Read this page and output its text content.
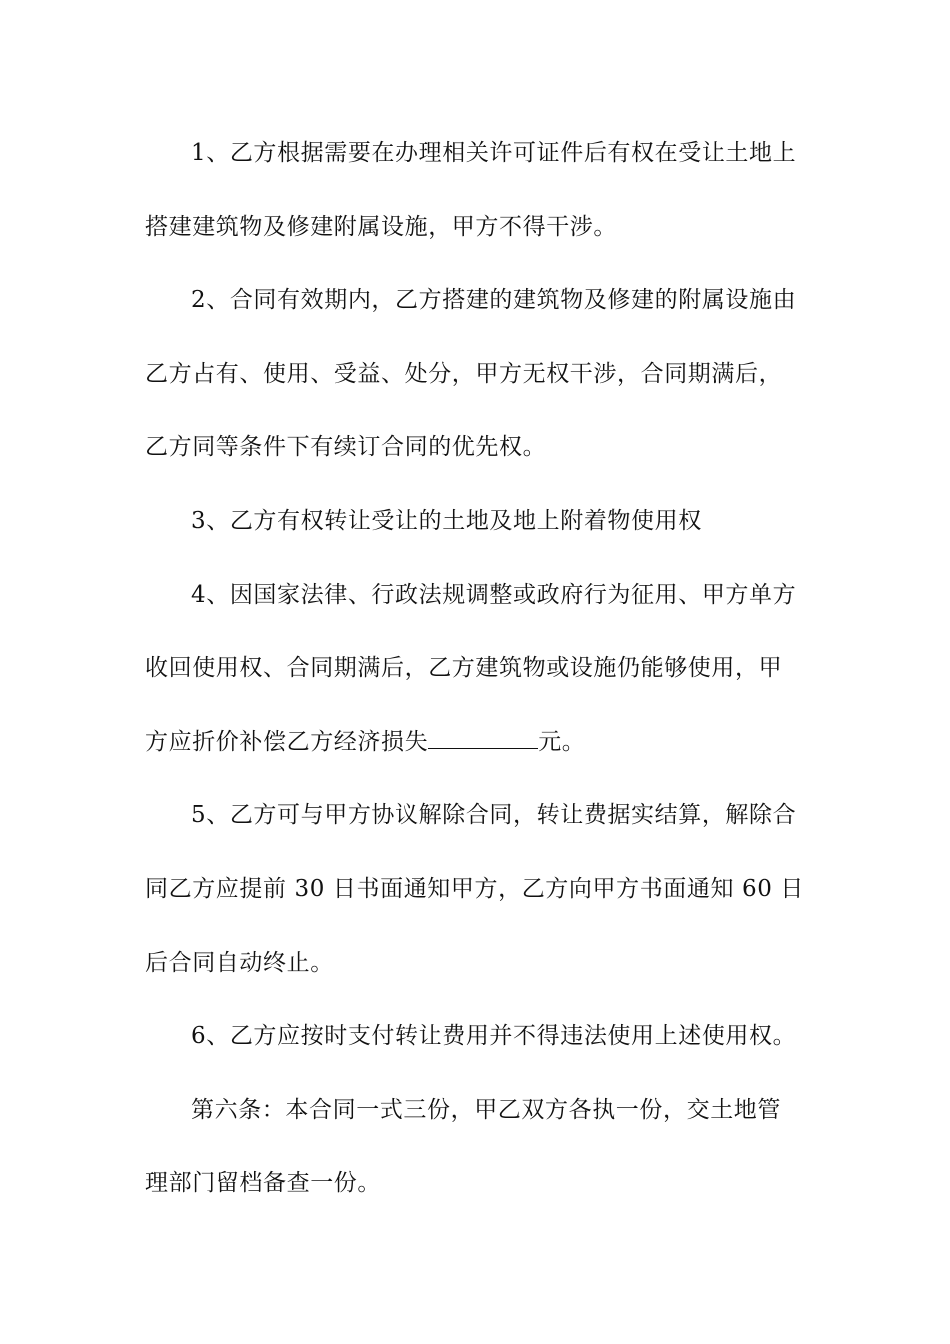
1、乙方根据需要在办理相关许可证件后有权在受让土地上
搭建建筑物及修建附属设施，甲方不得干涉。
2、合同有效期内，乙方搭建的建筑物及修建的附属设施由
乙方占有、使用、受益、处分，甲方无权干涉，合同期满后，
乙方同等条件下有续订合同的优先权。
3、乙方有权转让受让的土地及地上附着物使用权
4、因国家法律、行政法规调整或政府行为征用、甲方单方
收回使用权、合同期满后，乙方建筑物或设施仍能够使用，甲
方应折价补偿乙方经济损失	元。
5、乙方可与甲方协议解除合同，转让费据实结算，解除合
同乙方应提前 30 日书面通知甲方，乙方向甲方书面通知 60 日
后合同自动终止。
6、乙方应按时支付转让费用并不得违法使用上述使用权。
第六条：本合同一式三份，甲乙双方各执一份，交土地管
理部门留档备查一份。
